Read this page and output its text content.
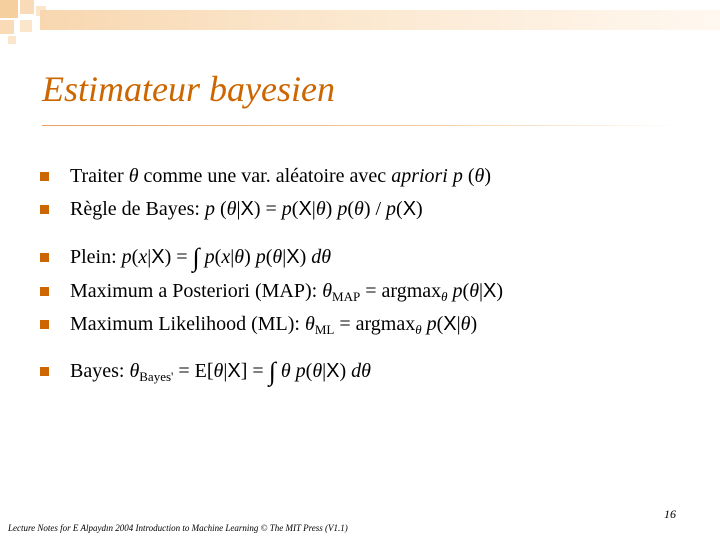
Estimateur bayesien
Traiter θ comme une var. aléatoire avec apriori p (θ)
Règle de Bayes: p (θ|X) = p(X|θ) p(θ) / p(X)
Plein: p(x|X) = ∫ p(x|θ) p(θ|X) dθ
Maximum a Posteriori (MAP): $\theta_{MAP} = argmax_\theta$ p(θ|X)
Maximum Likelihood (ML): $\theta_{ML} = argmax_\theta$ p(X|θ)
Bayes: $\theta_{Bayes'} = E[\theta|X]$ = ∫ θ p(θ|X) dθ
16
Lecture Notes for E Alpaydın 2004 Introduction to Machine Learning © The MIT Press (V1.1)
